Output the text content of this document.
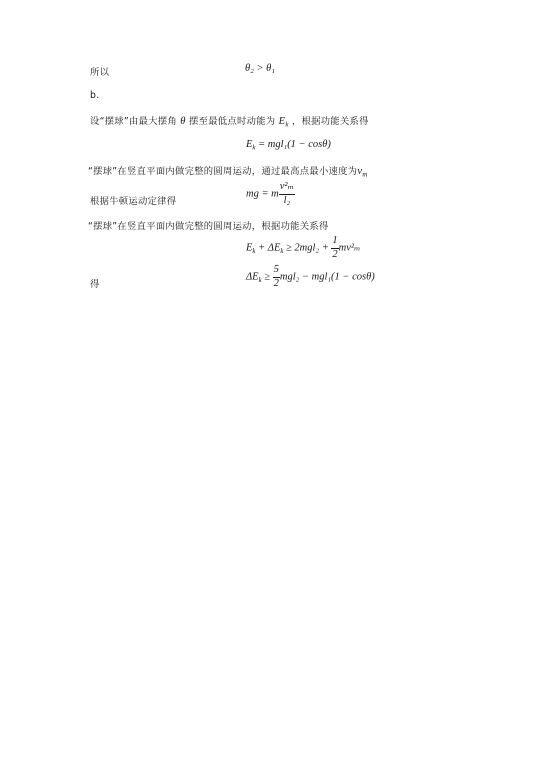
所以	θ₂ > θ₁
b.
设“摆球”由最大摆角 θ 摆至最低点时动能为 $E_k$ ，根据功能关系得
$E_k = mgl_1(1 - \cos\theta)$
“摆球”在竖直平面内做完整的圆周运动，通过最高点最小速度为$v_m$
根据牛顿运动定律得
mg = m $\frac{\text{v²ₘ}}{\text{l₂}}$
“摆球”在竖直平面内做完整的圆周运动，根据功能关系得
$E_k + \Delta E_k \ge 2mgl_2 + \frac{1}{2} mv^2_m$
得
$\Delta E_k \ge \frac{5}{2} mgl_2 - mgl_1(1 - \cos\theta)$
